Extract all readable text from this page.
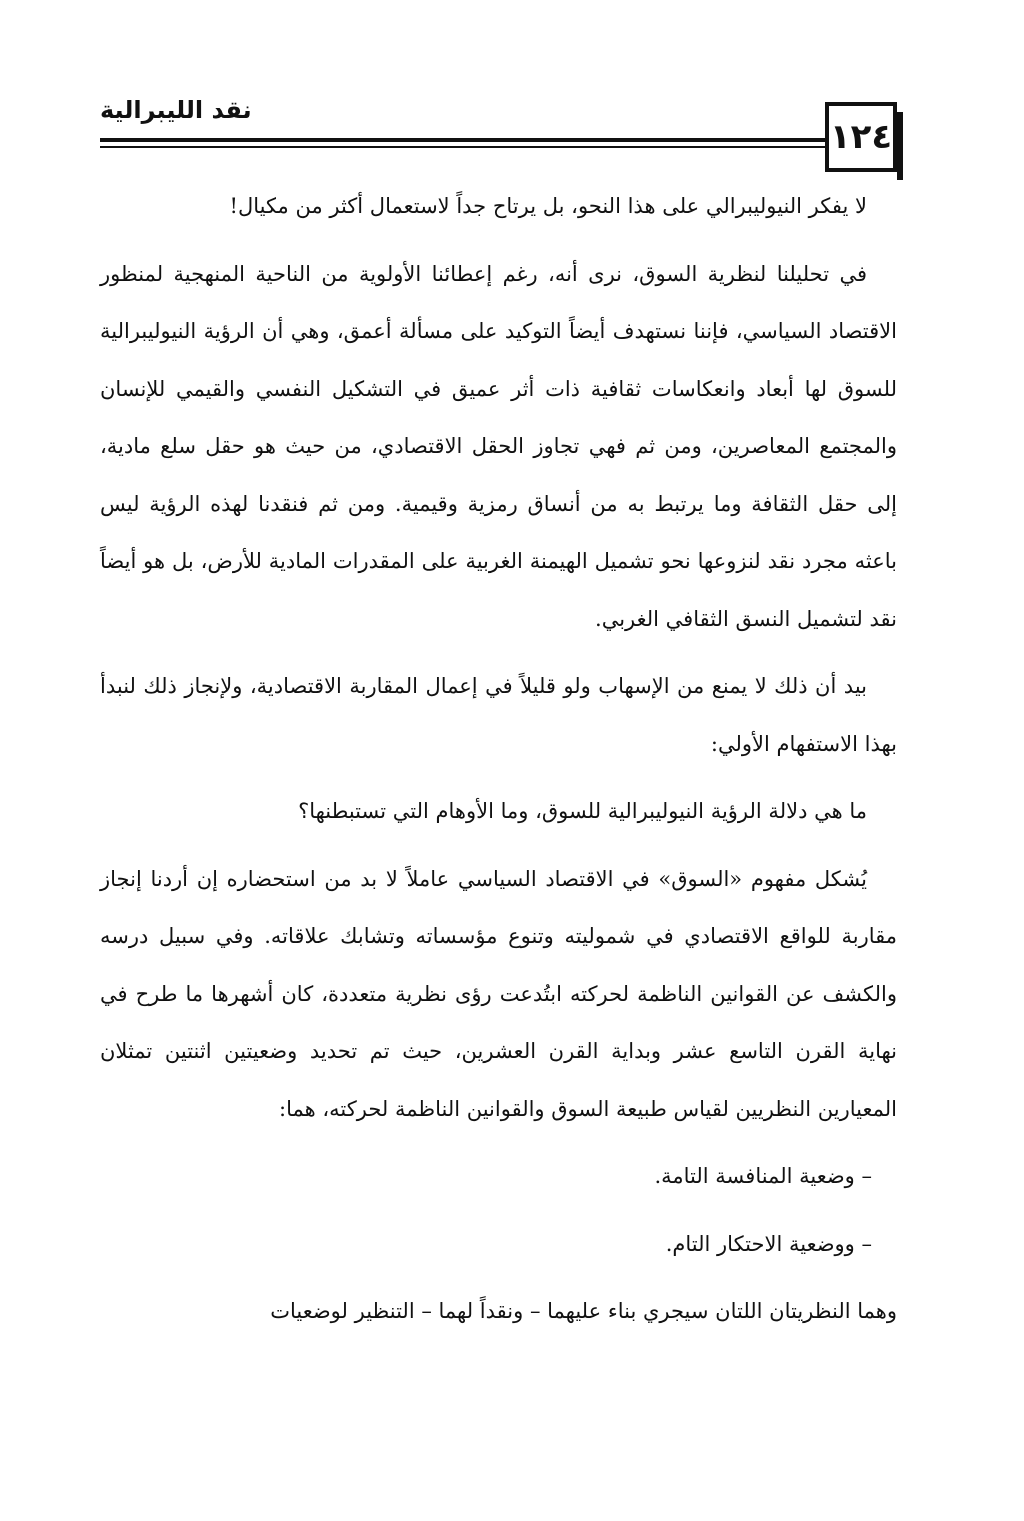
نقد الليبرالية
١٢٤

لا يفكر النيوليبرالي على هذا النحو، بل يرتاح جداً لاستعمال أكثر من مكيال!

في تحليلنا لنظرية السوق، نرى أنه، رغم إعطائنا الأولوية من الناحية المنهجية لمنظور الاقتصاد السياسي، فإننا نستهدف أيضاً التوكيد على مسألة أعمق، وهي أن الرؤية النيوليبرالية للسوق لها أبعاد وانعكاسات ثقافية ذات أثر عميق في التشكيل النفسي والقيمي للإنسان والمجتمع المعاصرين، ومن ثم فهي تجاوز الحقل الاقتصادي، من حيث هو حقل سلع مادية، إلى حقل الثقافة وما يرتبط به من أنساق رمزية وقيمية. ومن ثم فنقدنا لهذه الرؤية ليس باعثه مجرد نقد لنزوعها نحو تشميل الهيمنة الغربية على المقدرات المادية للأرض، بل هو أيضاً نقد لتشميل النسق الثقافي الغربي.

بيد أن ذلك لا يمنع من الإسهاب ولو قليلاً في إعمال المقاربة الاقتصادية، ولإنجاز ذلك لنبدأ بهذا الاستفهام الأولي:

ما هي دلالة الرؤية النيوليبرالية للسوق، وما الأوهام التي تستبطنها؟

يُشكل مفهوم «السوق» في الاقتصاد السياسي عاملاً لا بد من استحضاره إن أردنا إنجاز مقاربة للواقع الاقتصادي في شموليته وتنوع مؤسساته وتشابك علاقاته. وفي سبيل درسه والكشف عن القوانين الناظمة لحركته ابتُدعت رؤى نظرية متعددة، كان أشهرها ما طرح في نهاية القرن التاسع عشر وبداية القرن العشرين، حيث تم تحديد وضعيتين اثنتين تمثلان المعيارين النظريين لقياس طبيعة السوق والقوانين الناظمة لحركته، هما:

– وضعية المنافسة التامة.

– ووضعية الاحتكار التام.

وهما النظريتان اللتان سيجري بناء عليهما – ونقداً لهما – التنظير لوضعيات
